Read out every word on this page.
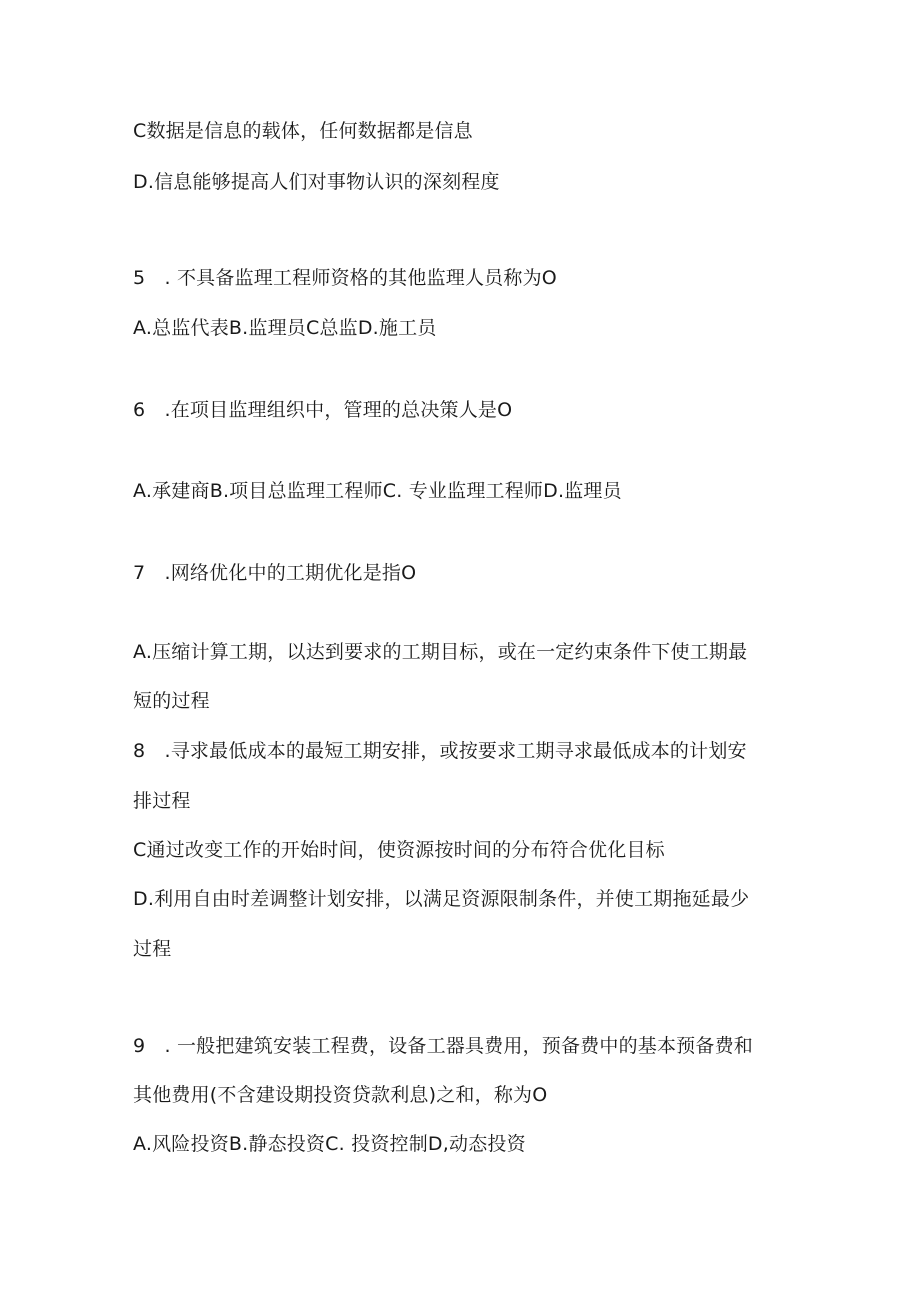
C数据是信息的载体，任何数据都是信息
D.信息能够提高人们对事物认识的深刻程度
5　. 不具备监理工程师资格的其他监理人员称为O
A.总监代表B.监理员C总监D.施工员
6　.在项目监理组织中，管理的总决策人是O
A.承建商B.项目总监理工程师C. 专业监理工程师D.监理员
7　.网络优化中的工期优化是指O
A.压缩计算工期，以达到要求的工期目标，或在一定约束条件下使工期最
短的过程
8　.寻求最低成本的最短工期安排，或按要求工期寻求最低成本的计划安
排过程
C通过改变工作的开始时间，使资源按时间的分布符合优化目标
D.利用自由时差调整计划安排，以满足资源限制条件，并使工期拖延最少
过程
9　. 一般把建筑安装工程费，设备工器具费用，预备费中的基本预备费和
其他费用(不含建设期投资贷款利息)之和，称为O
A.风险投资B.静态投资C. 投资控制D,动态投资
